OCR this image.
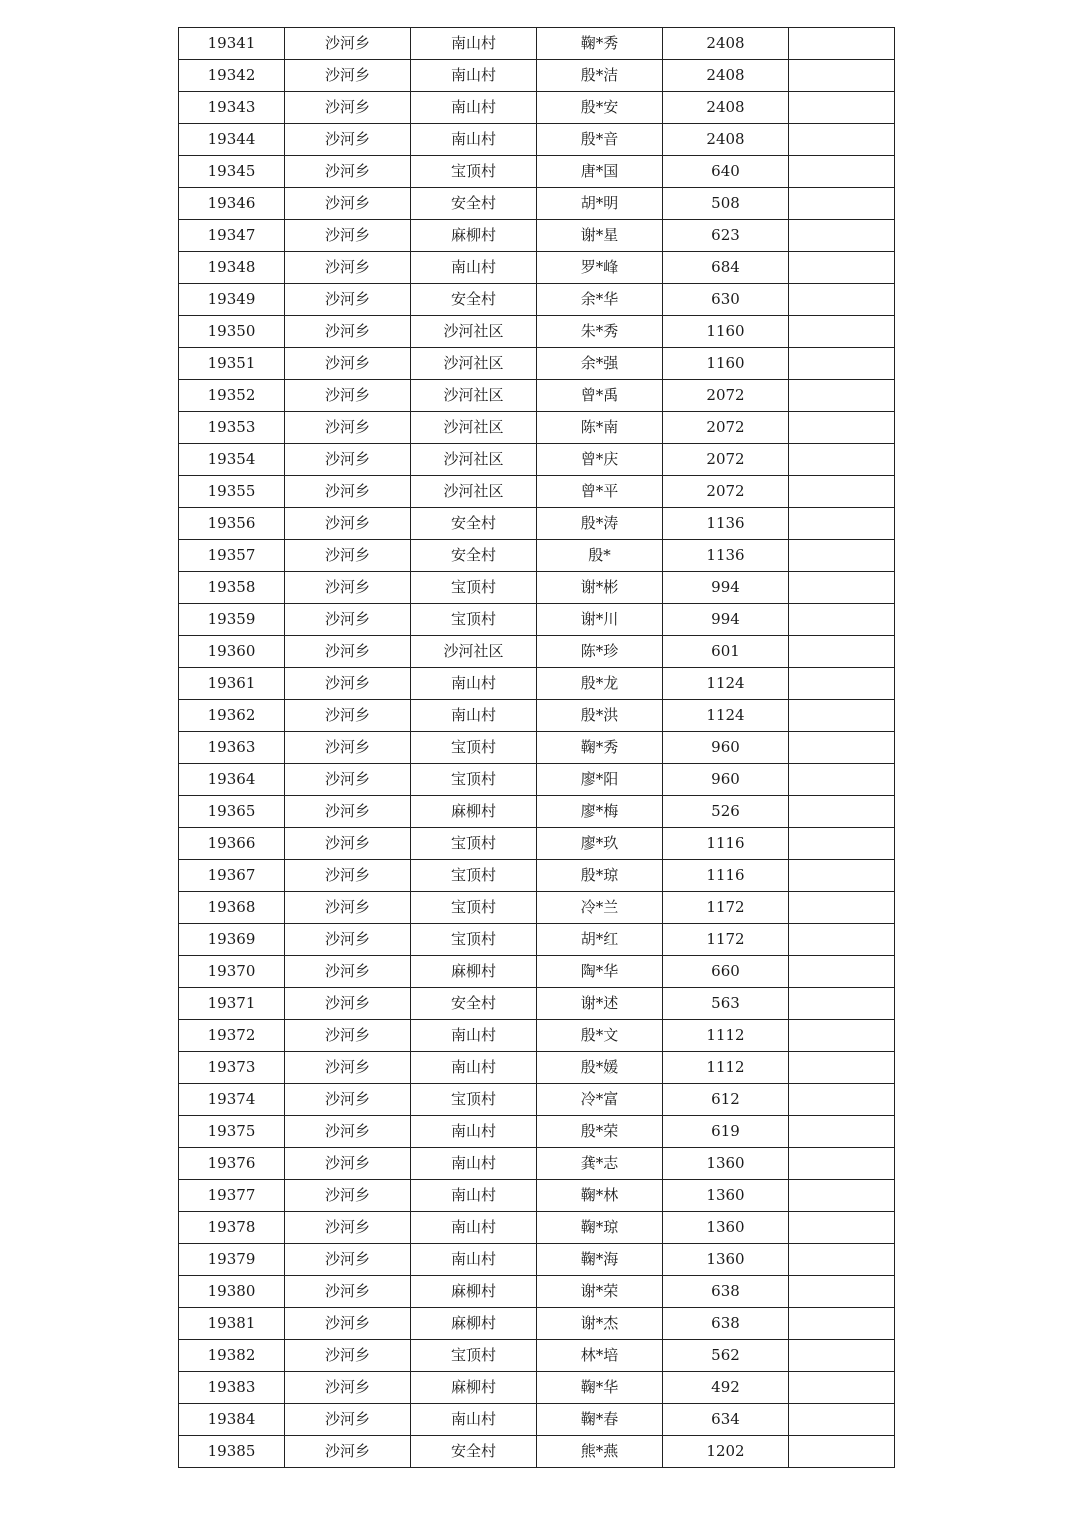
19341	沙河乡	南山村	鞠*秀	2408	
19342	沙河乡	南山村	殷*洁	2408	
19343	沙河乡	南山村	殷*安	2408	
19344	沙河乡	南山村	殷*音	2408	
19345	沙河乡	宝顶村	唐*国	640	
19346	沙河乡	安全村	胡*明	508	
19347	沙河乡	麻柳村	谢*星	623	
19348	沙河乡	南山村	罗*峰	684	
19349	沙河乡	安全村	余*华	630	
19350	沙河乡	沙河社区	朱*秀	1160	
19351	沙河乡	沙河社区	余*强	1160	
19352	沙河乡	沙河社区	曾*禹	2072	
19353	沙河乡	沙河社区	陈*南	2072	
19354	沙河乡	沙河社区	曾*庆	2072	
19355	沙河乡	沙河社区	曾*平	2072	
19356	沙河乡	安全村	殷*涛	1136	
19357	沙河乡	安全村	殷*	1136	
19358	沙河乡	宝顶村	谢*彬	994	
19359	沙河乡	宝顶村	谢*川	994	
19360	沙河乡	沙河社区	陈*珍	601	
19361	沙河乡	南山村	殷*龙	1124	
19362	沙河乡	南山村	殷*洪	1124	
19363	沙河乡	宝顶村	鞠*秀	960	
19364	沙河乡	宝顶村	廖*阳	960	
19365	沙河乡	麻柳村	廖*梅	526	
19366	沙河乡	宝顶村	廖*玖	1116	
19367	沙河乡	宝顶村	殷*琼	1116	
19368	沙河乡	宝顶村	冷*兰	1172	
19369	沙河乡	宝顶村	胡*红	1172	
19370	沙河乡	麻柳村	陶*华	660	
19371	沙河乡	安全村	谢*述	563	
19372	沙河乡	南山村	殷*文	1112	
19373	沙河乡	南山村	殷*媛	1112	
19374	沙河乡	宝顶村	冷*富	612	
19375	沙河乡	南山村	殷*荣	619	
19376	沙河乡	南山村	龚*志	1360	
19377	沙河乡	南山村	鞠*林	1360	
19378	沙河乡	南山村	鞠*琼	1360	
19379	沙河乡	南山村	鞠*海	1360	
19380	沙河乡	麻柳村	谢*荣	638	
19381	沙河乡	麻柳村	谢*杰	638	
19382	沙河乡	宝顶村	林*培	562	
19383	沙河乡	麻柳村	鞠*华	492	
19384	沙河乡	南山村	鞠*春	634	
19385	沙河乡	安全村	熊*燕	1202	
